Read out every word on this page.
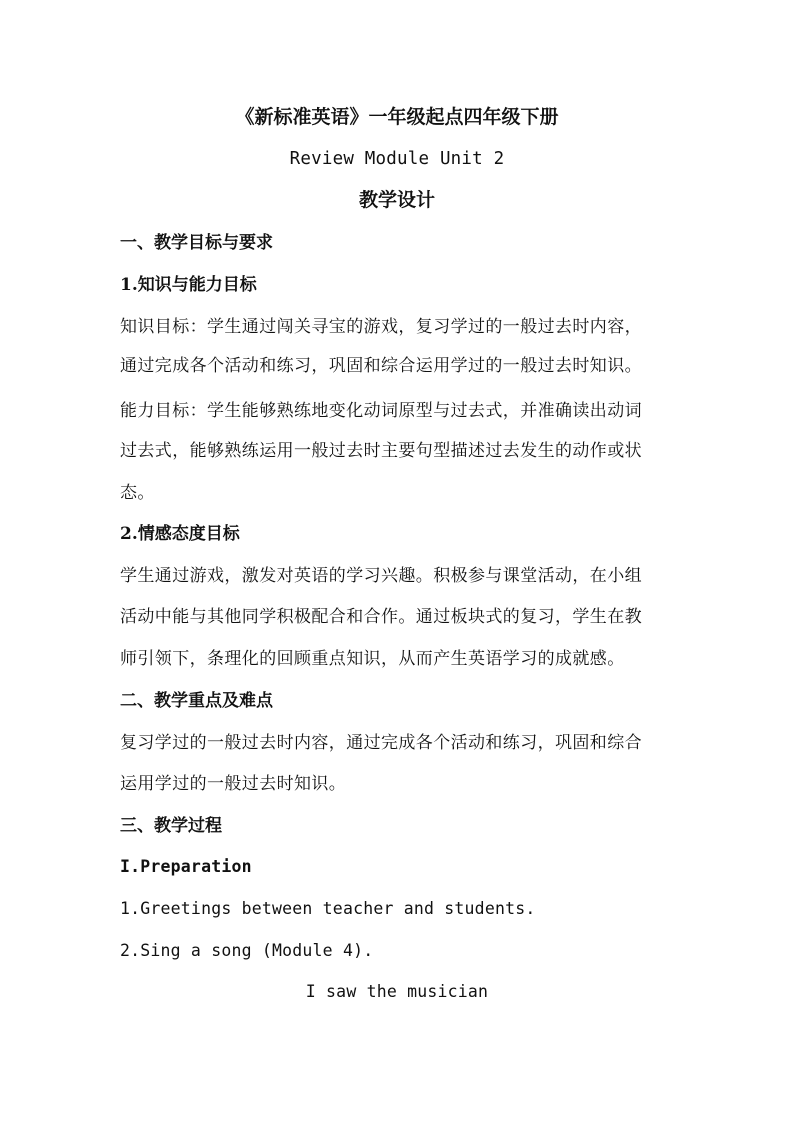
《新标准英语》一年级起点四年级下册
Review Module Unit 2
教学设计
一、教学目标与要求
1.知识与能力目标
知识目标：学生通过闯关寻宝的游戏，复习学过的一般过去时内容，
通过完成各个活动和练习，巩固和综合运用学过的一般过去时知识。
能力目标：学生能够熟练地变化动词原型与过去式，并准确读出动词
过去式，能够熟练运用一般过去时主要句型描述过去发生的动作或状
态。
2.情感态度目标
学生通过游戏，激发对英语的学习兴趣。积极参与课堂活动，在小组
活动中能与其他同学积极配合和合作。通过板块式的复习，学生在教
师引领下，条理化的回顾重点知识，从而产生英语学习的成就感。
二、教学重点及难点
复习学过的一般过去时内容，通过完成各个活动和练习，巩固和综合
运用学过的一般过去时知识。
三、教学过程
I.Preparation
1.Greetings between teacher and students.
2.Sing a song (Module 4).
I saw the musician
